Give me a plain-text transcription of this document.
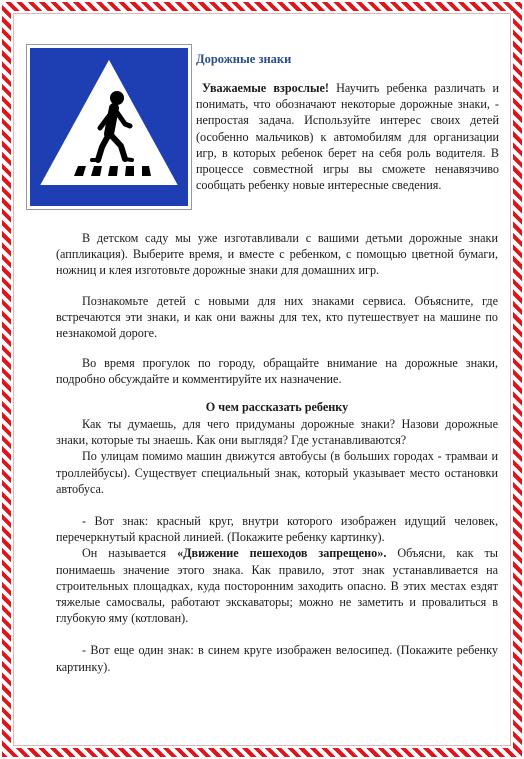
Дорожные знаки
Уважаемые взрослые! Научить ребенка различать и понимать, что обозначают некоторые дорожные знаки, - непростая задача. Используйте интерес своих детей (особенно мальчиков) к автомобилям для организации игр, в которых ребенок берет на себя роль водителя. В процессе совместной игры вы сможете ненавязчиво сообщать ребенку новые интересные сведения.
В детском саду мы уже изготавливали с вашими детьми дорожные знаки (аппликация). Выберите время, и вместе с ребенком, с помощью цветной бумаги, ножниц и клея изготовьте дорожные знаки для домашних игр.
Познакомьте детей с новыми для них знаками сервиса. Объясните, где встречаются эти знаки, и как они важны для тех, кто путешествует на машине по незнакомой дороге.
Во время прогулок по городу, обращайте внимание на дорожные знаки, подробно обсуждайте и комментируйте их назначение.
О чем рассказать ребенку

Как ты думаешь, для чего придуманы дорожные знаки? Назови дорожные знаки, которые ты знаешь. Как они выглядя? Где устанавливаются?

По улицам помимо машин движутся автобусы (в больших городах - трамваи и троллейбусы). Существует специальный знак, который указывает место остановки автобуса.

- Вот знак: красный круг, внутри которого изображен идущий человек, перечеркнутый красной линией. (Покажите ребенку картинку).

Он называется «Движение пешеходов запрещено». Объясни, как ты понимаешь значение этого знака. Как правило, этот знак устанавливается на строительных площадках, куда посторонним заходить опасно. В этих местах ездят тяжелые самосвалы, работают экскаваторы; можно не заметить и провалиться в глубокую яму (котлован).

- Вот еще один знак: в синем круге изображен велосипед. (Покажите ребенку картинку).
